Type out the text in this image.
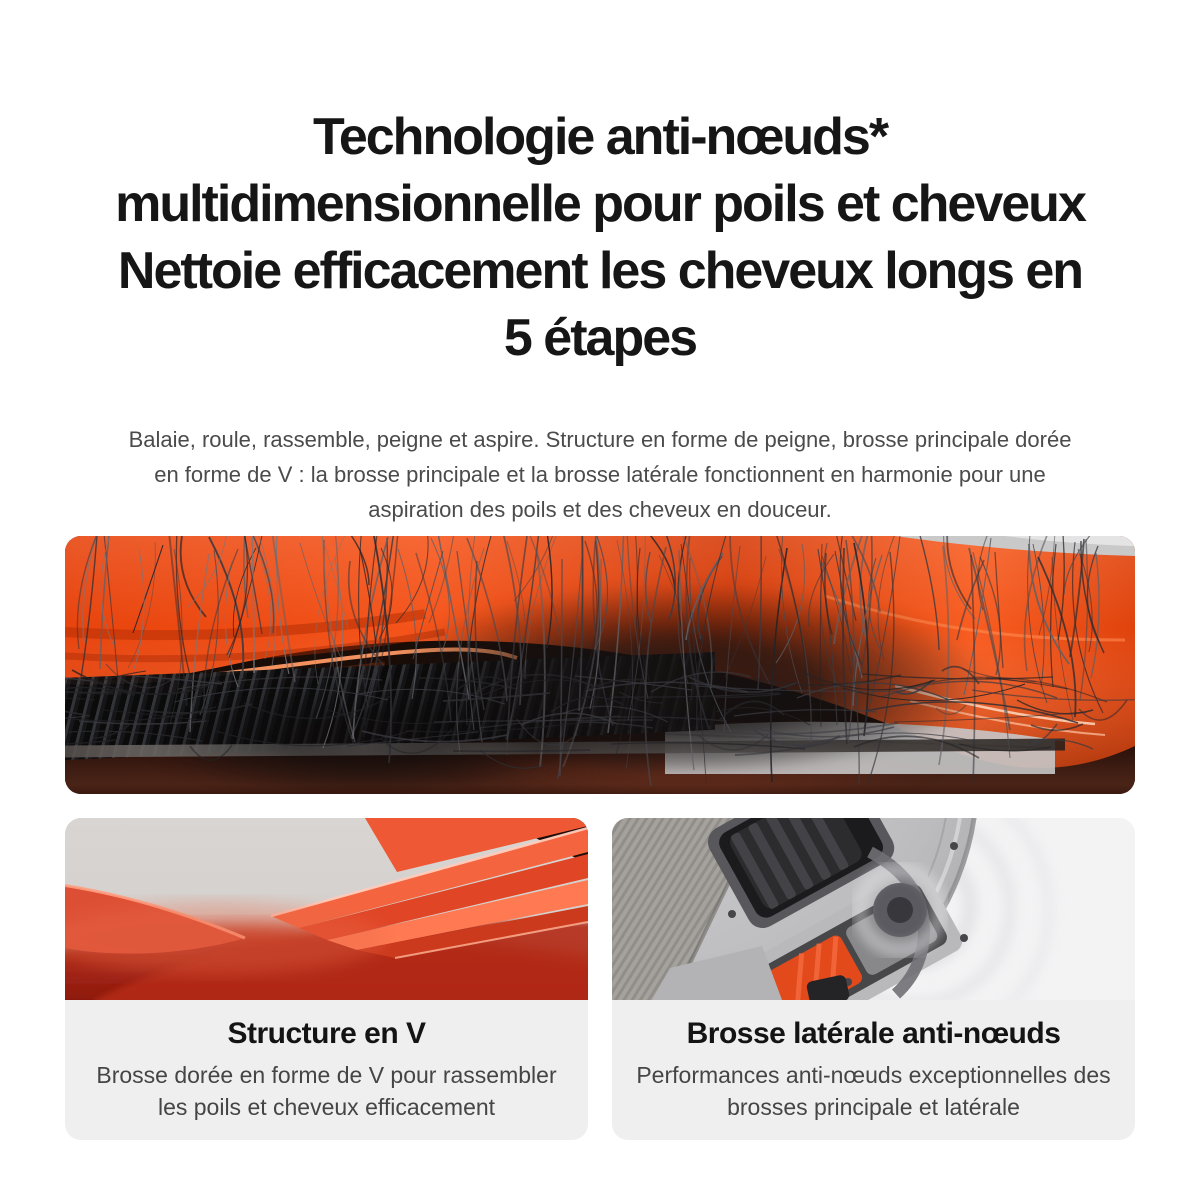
Technologie anti-nœuds*
multidimensionnelle pour poils et cheveux
Nettoie efficacement les cheveux longs en
5 étapes

Balaie, roule, rassemble, peigne et aspire. Structure en forme de peigne, brosse principale dorée
en forme de V : la brosse principale et la brosse latérale fonctionnent en harmonie pour une
aspiration des poils et des cheveux en douceur.

Structure en V

Brosse dorée en forme de V pour rassembler
les poils et cheveux efficacement

Brosse latérale anti-nœuds

Performances anti-nœuds exceptionnelles des
brosses principale et latérale
